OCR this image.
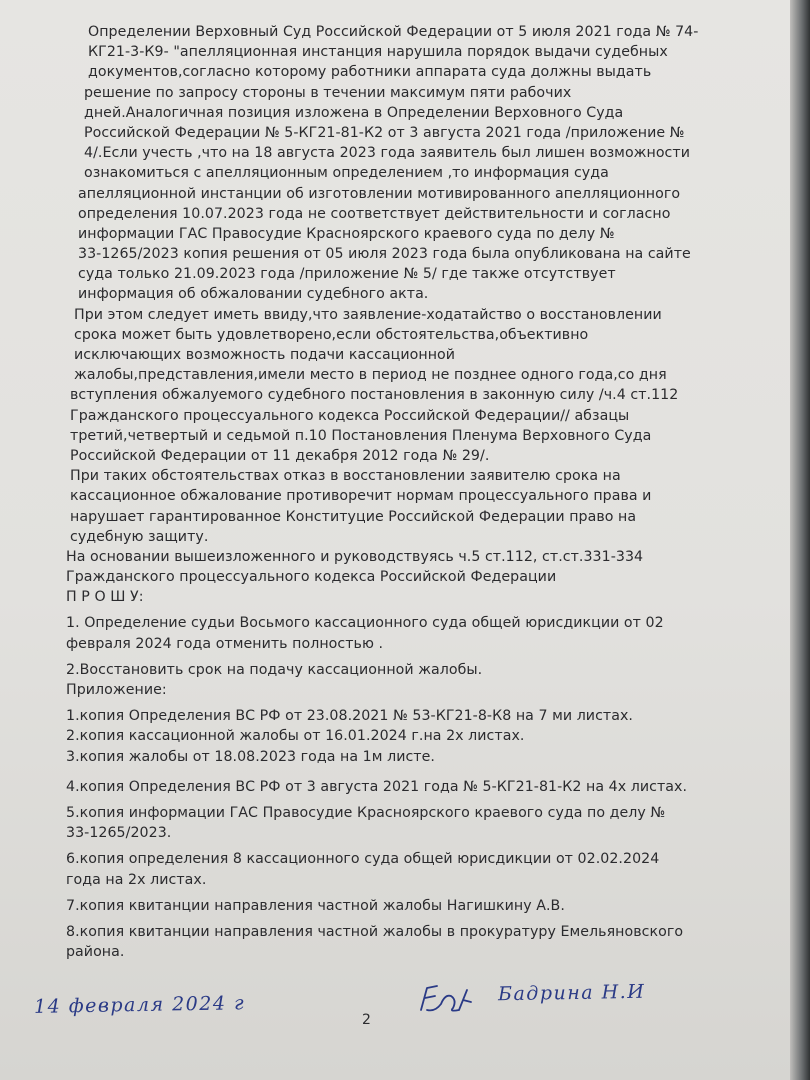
Определении Верховный Суд Российской Федерации от 5 июля 2021 года № 74-
КГ21-3-К9- "апелляционная инстанция нарушила порядок выдачи судебных
документов,согласно которому работники аппарата суда должны выдать
решение по запросу стороны в течении максимум пяти рабочих
дней.Аналогичная позиция изложена в Определении Верховного Суда
Российской Федерации № 5-КГ21-81-К2 от 3 августа 2021 года /приложение №
4/.Если учесть ,что на 18 августа 2023 года заявитель был лишен возможности
ознакомиться с апелляционным определением ,то информация суда
апелляционной инстанции об изготовлении мотивированного апелляционного
определения 10.07.2023 года не соответствует действительности и согласно
информации ГАС Правосудие Красноярского краевого суда по делу №
33-1265/2023 копия решения от 05 июля 2023 года была опубликована на сайте
суда только 21.09.2023 года /приложение № 5/ где также отсутствует
информация об обжаловании судебного акта.
При этом следует иметь ввиду,что заявление-ходатайство о восстановлении
срока может быть удовлетворено,если обстоятельства,объективно
исключающих возможность подачи кассационной
жалобы,представления,имели место в период не позднее одного года,со дня
вступления обжалуемого судебного постановления в законную силу /ч.4 ст.112
Гражданского процессуального кодекса Российской Федерации// абзацы
третий,четвертый и седьмой п.10 Постановления Пленума Верховного Суда
Российской Федерации от 11 декабря 2012 года № 29/.
При таких обстоятельствах отказ в восстановлении заявителю срока на
кассационное обжалование противоречит нормам процессуального права и
нарушает гарантированное Конституцие Российской Федерации право на
судебную защиту.
На основании вышеизложенного и руководствуясь ч.5 ст.112, ст.ст.331-334
Гражданского процессуального кодекса Российской Федерации
П Р О Ш У:
1. Определение судьи Восьмого кассационного суда общей юрисдикции от 02
февраля 2024 года отменить полностью .
2.Восстановить срок на подачу кассационной жалобы.
Приложение:
1.копия Определения ВС РФ от 23.08.2021 № 53-КГ21-8-К8 на 7 ми листах.
2.копия кассационной жалобы от 16.01.2024 г.на 2х листах.
3.копия жалобы от 18.08.2023 года на 1м листе.
4.копия Определения ВС РФ от 3 августа 2021 года № 5-КГ21-81-К2 на 4х листах.
5.копия информации ГАС Правосудие Красноярского краевого суда по делу №
33-1265/2023.
6.копия определения 8 кассационного суда общей юрисдикции от 02.02.2024
года на 2х листах.
7.копия квитанции направления частной жалобы Нагишкину А.В.
8.копия квитанции направления частной жалобы в прокуратуру Емельяновского
района.
14 февраля 2024 г	Бадрина Н.И
2
